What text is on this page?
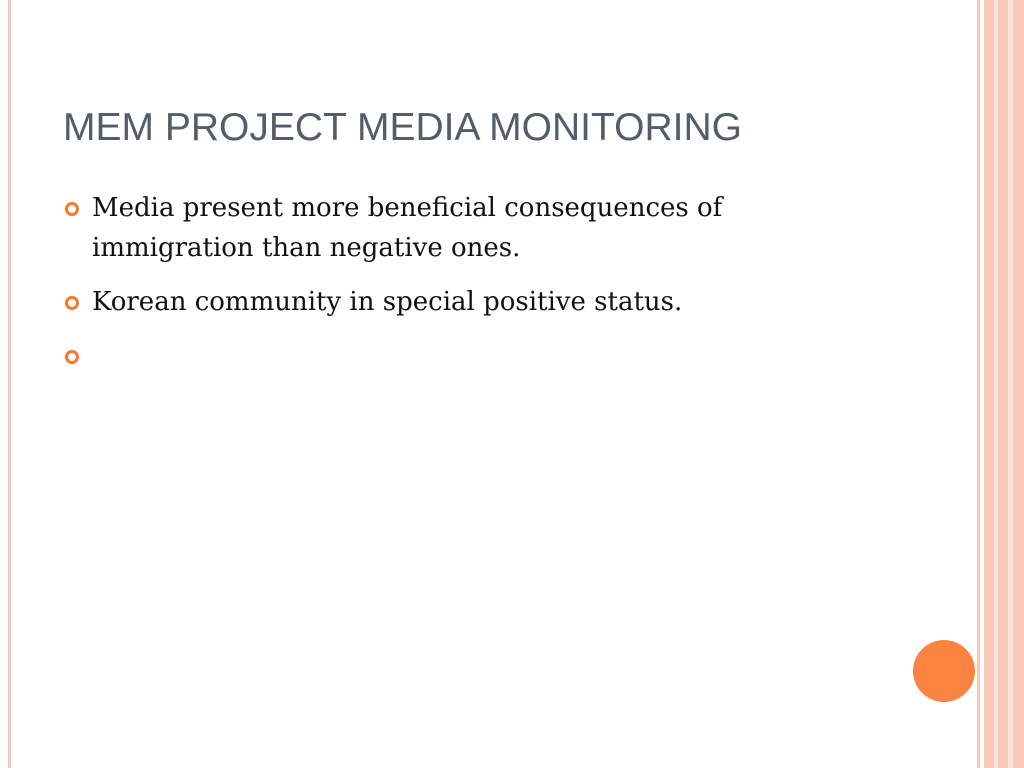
MEM PROJECT MEDIA MONITORING
Media present more beneficial consequences of immigration than negative ones.
Korean community in special positive status.
